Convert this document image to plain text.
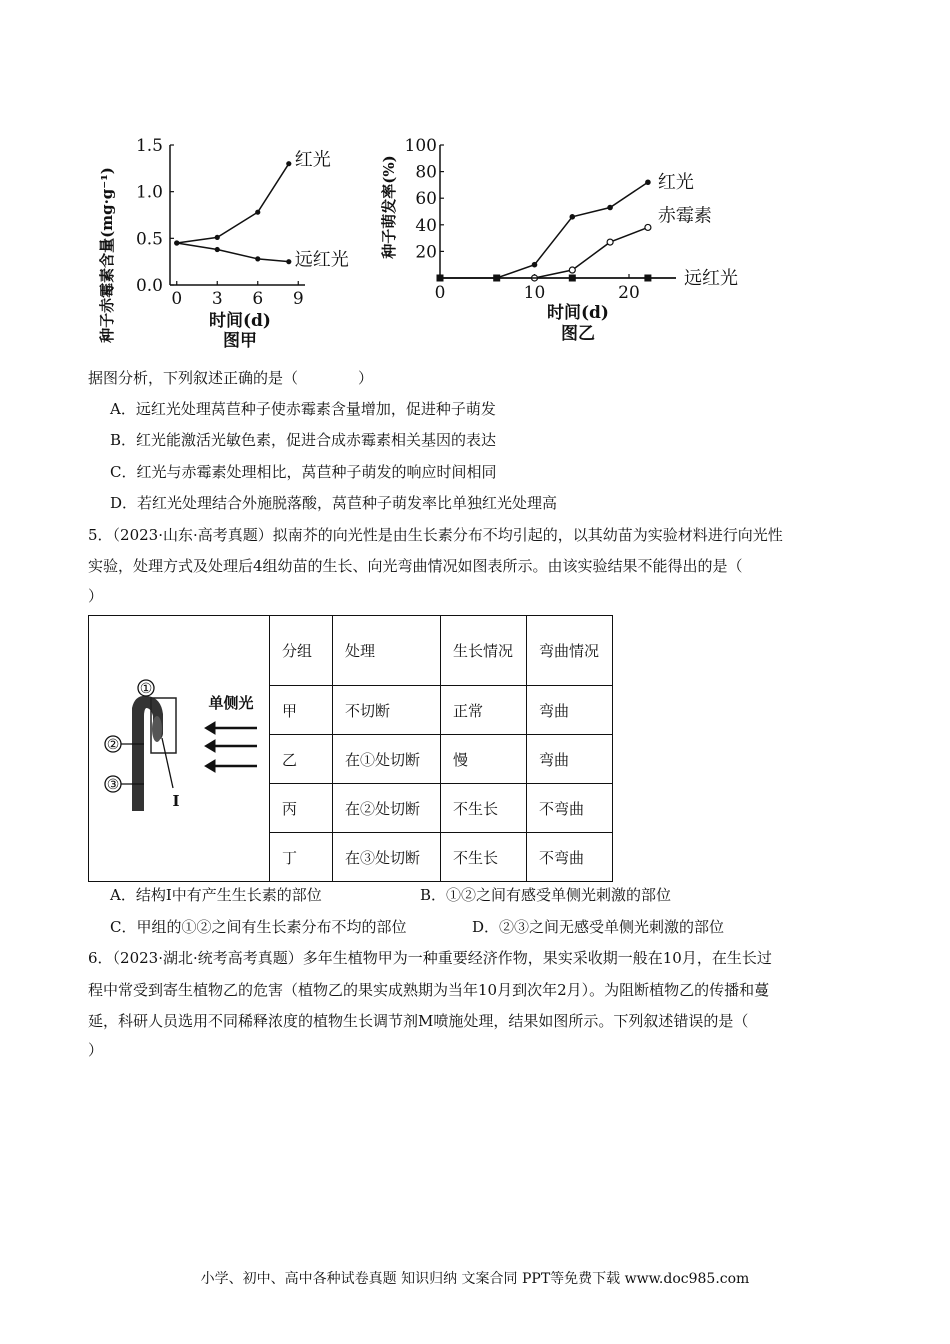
种子赤霉素含量(mg·g⁻¹) 0.0
0.5
1.0
1.5
0 3 6 9
红光
远红光
时间(d)
图甲
种子萌发率(%) 20
40
60
80
100
0	10	20
红光
赤霉素
远红光
时间(d)
图乙
据图分析，下列叙述正确的是（　　　　）
A．远红光处理莴苣种子使赤霉素含量增加，促进种子萌发
B．红光能激活光敏色素，促进合成赤霉素相关基因的表达
C．红光与赤霉素处理相比，莴苣种子萌发的响应时间相同
D．若红光处理结合外施脱落酸，莴苣种子萌发率比单独红光处理高
5．（2023·山东·高考真题）拟南芥的向光性是由生长素分布不均引起的，以其幼苗为实验材料进行向光性
实验，处理方式及处理后4组幼苗的生长、向光弯曲情况如图表所示。由该实验结果不能得出的是（
）
①
②
③
I
单侧光	分组	处理	生长情况	弯曲情况
	甲	不切断	正常	弯曲
	乙	在①处切断	慢	弯曲
	丙	在②处切断	不生长	不弯曲
	丁	在③处切断	不生长	不弯曲
A．结构Ⅰ中有产生生长素的部位	B．①②之间有感受单侧光刺激的部位
C．甲组的①②之间有生长素分布不均的部位	D．②③之间无感受单侧光刺激的部位
6．（2023·湖北·统考高考真题）多年生植物甲为一种重要经济作物，果实采收期一般在10月，在生长过
程中常受到寄生植物乙的危害（植物乙的果实成熟期为当年10月到次年2月）。为阻断植物乙的传播和蔓
延，科研人员选用不同稀释浓度的植物生长调节剂M喷施处理，结果如图所示。下列叙述错误的是（
）
小学、初中、高中各种试卷真题 知识归纳 文案合同 PPT等免费下载 www.doc985.com
